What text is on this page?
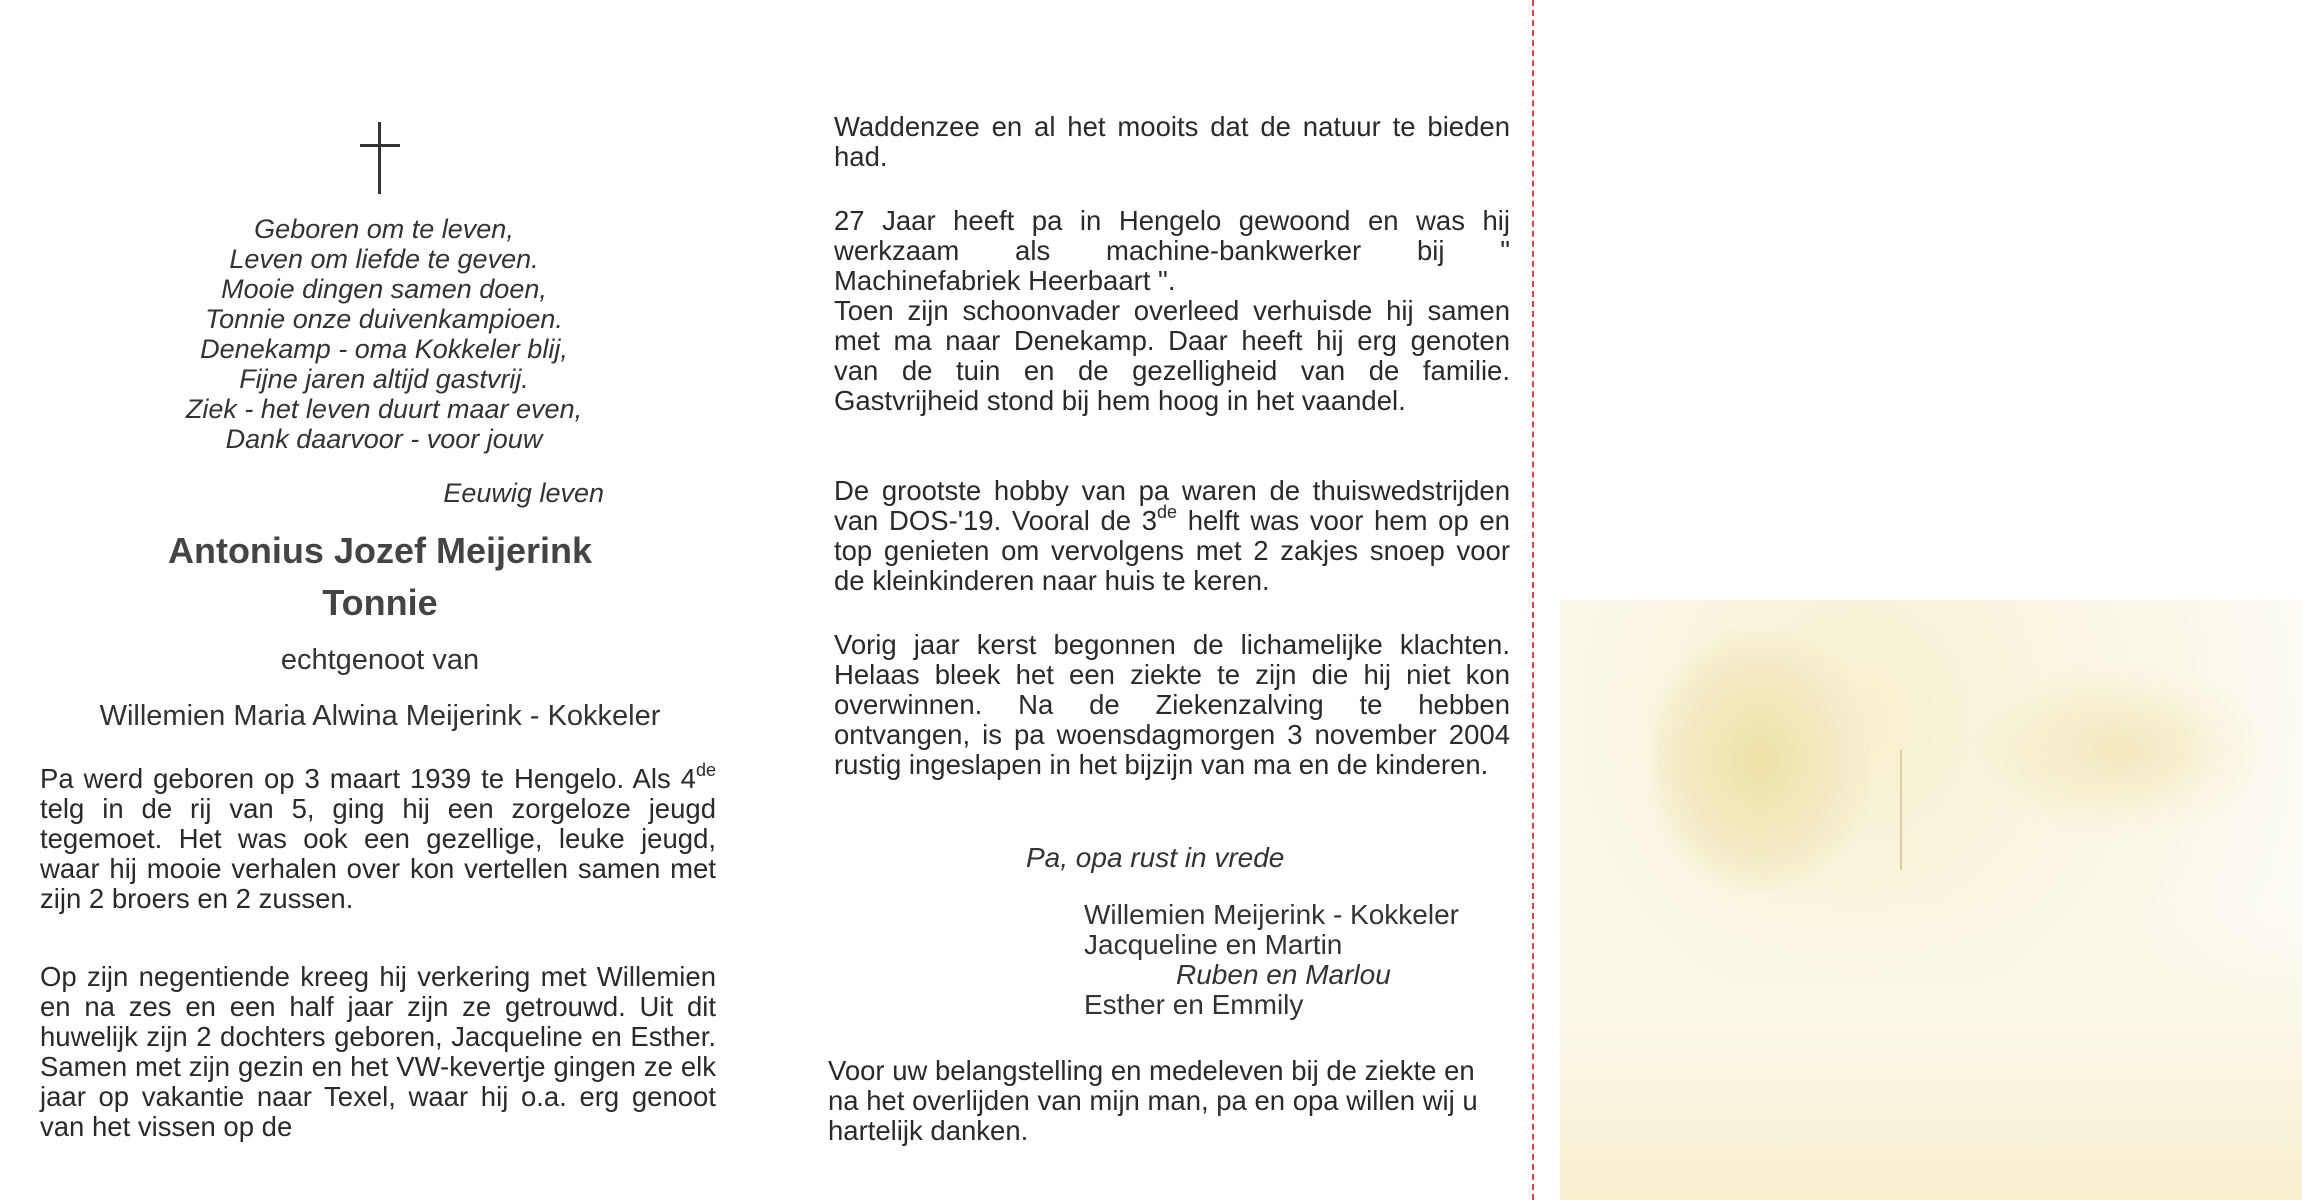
Geboren om te leven,
Leven om liefde te geven.
Mooie dingen samen doen,
Tonnie onze duivenkampioen.
Denekamp - oma Kokkeler blij,
Fijne jaren altijd gastvrij.
Ziek - het leven duurt maar even,
Dank daarvoor - voor jouw
Eeuwig leven
Antonius Jozef Meijerink
Tonnie
echtgenoot van
Willemien Maria Alwina Meijerink - Kokkeler

Pa werd geboren op 3 maart 1939 te Hengelo. Als 4de telg in de rij van 5, ging hij een zorgeloze jeugd tegemoet. Het was ook een gezellige, leuke jeugd, waar hij mooie verhalen over kon vertellen samen met zijn 2 broers en 2 zussen.

Op zijn negentiende kreeg hij verkering met Willemien en na zes en een half jaar zijn ze getrouwd. Uit dit huwelijk zijn 2 dochters geboren, Jacqueline en Esther. Samen met zijn gezin en het VW-kevertje gingen ze elk jaar op vakantie naar Texel, waar hij o.a. erg genoot van het vissen op de

Waddenzee en al het mooits dat de natuur te bieden had.

27 Jaar heeft pa in Hengelo gewoond en was hij werkzaam als machine-bankwerker bij " Machinefabriek Heerbaart ".

Toen zijn schoonvader overleed verhuisde hij samen met ma naar Denekamp. Daar heeft hij erg genoten van de tuin en de gezelligheid van de familie. Gastvrijheid stond bij hem hoog in het vaandel.

De grootste hobby van pa waren de thuiswedstrijden van DOS-'19. Vooral de 3de helft was voor hem op en top genieten om vervolgens met 2 zakjes snoep voor de kleinkinderen naar huis te keren.

Vorig jaar kerst begonnen de lichamelijke klachten. Helaas bleek het een ziekte te zijn die hij niet kon overwinnen. Na de Ziekenzalving te hebben ontvangen, is pa woensdagmorgen 3 november 2004 rustig ingeslapen in het bijzijn van ma en de kinderen.

Pa, opa rust in vrede
Willemien Meijerink - Kokkeler
Jacqueline en Martin
Ruben en Marlou
Esther en Emmily

Voor uw belangstelling en medeleven bij de ziekte en na het overlijden van mijn man, pa en opa willen wij u hartelijk danken.
